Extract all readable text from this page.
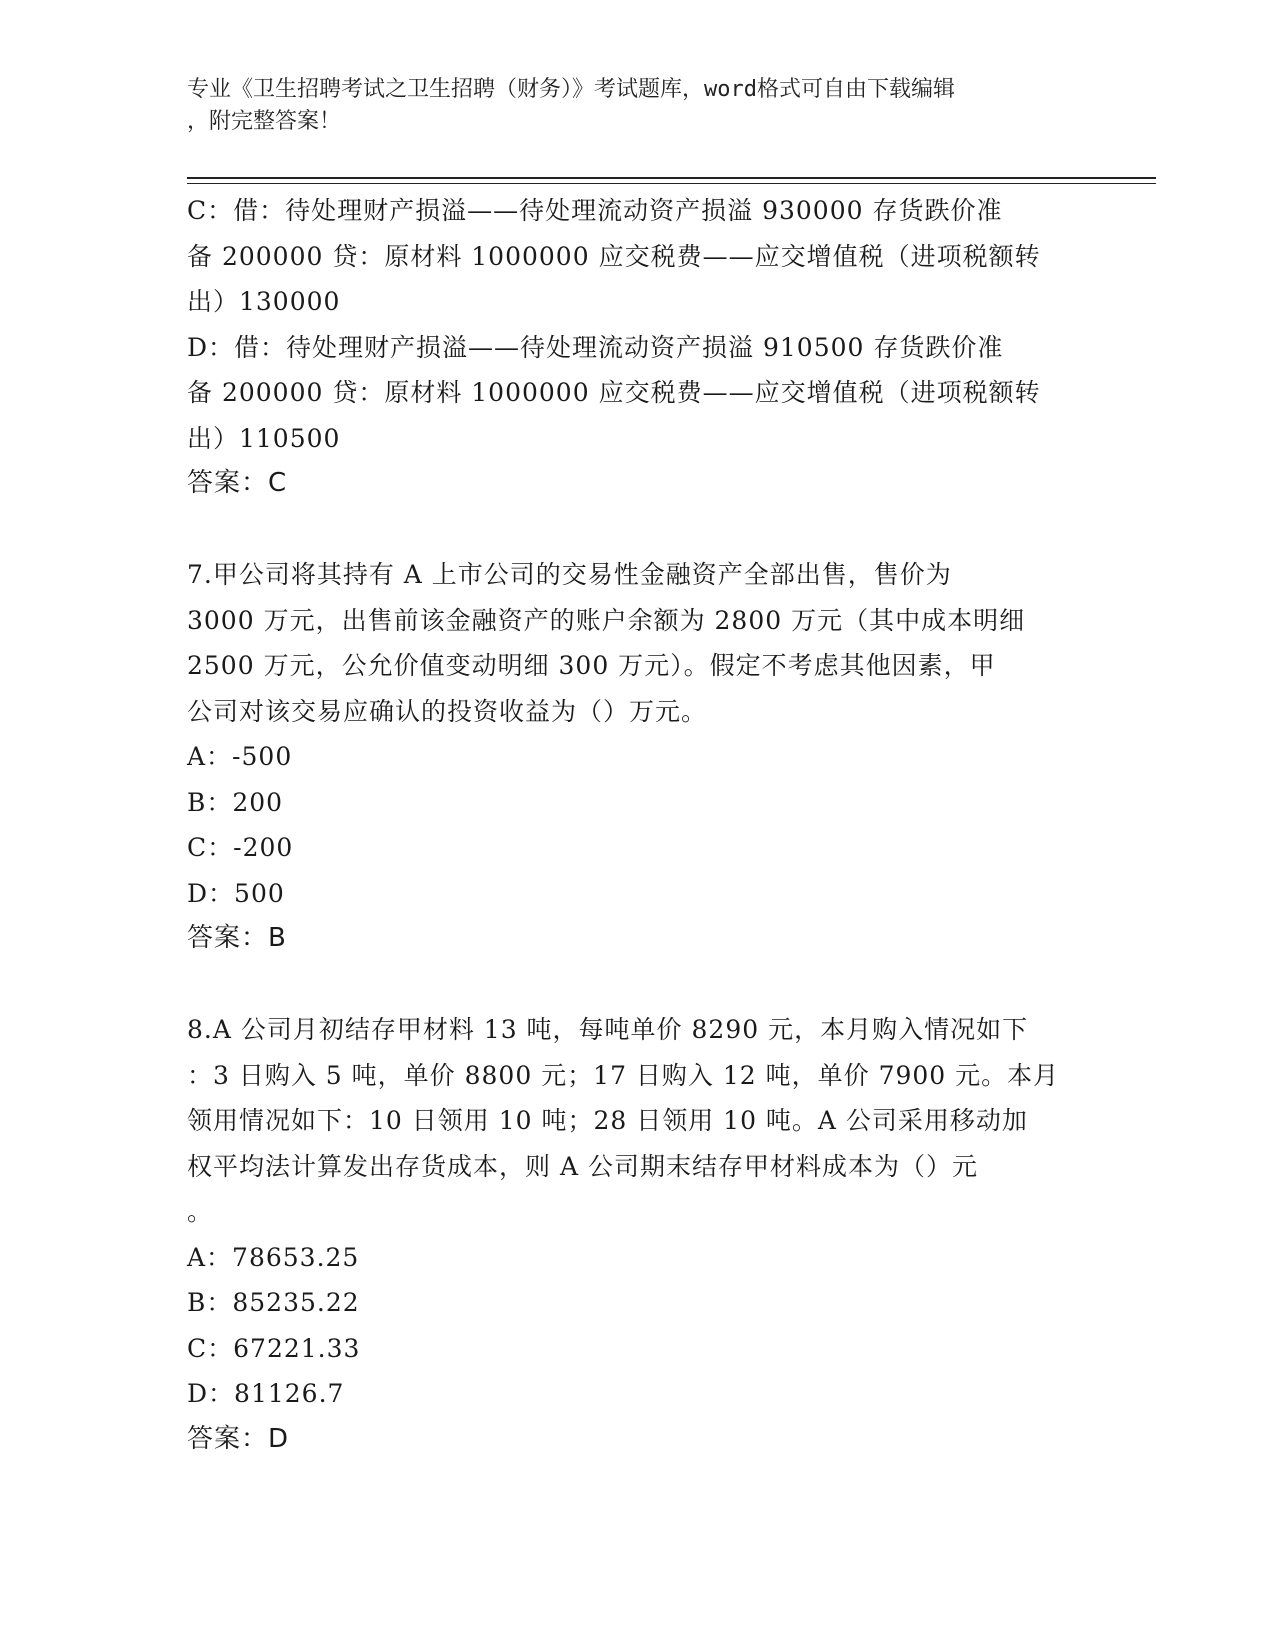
专业《卫生招聘考试之卫生招聘（财务）》考试题库，word格式可自由下载编辑
，附完整答案！
C：借：待处理财产损溢——待处理流动资产损溢 930000 存货跌价准
备 200000 贷：原材料 1000000 应交税费——应交增值税（进项税额转
出）130000
D：借：待处理财产损溢——待处理流动资产损溢 910500 存货跌价准
备 200000 贷：原材料 1000000 应交税费——应交增值税（进项税额转
出）110500
答案：C
7.甲公司将其持有 A 上市公司的交易性金融资产全部出售，售价为
3000 万元，出售前该金融资产的账户余额为 2800 万元（其中成本明细
2500 万元，公允价值变动明细 300 万元）。假定不考虑其他因素，甲
公司对该交易应确认的投资收益为（）万元。
A：-500
B：200
C：-200
D：500
答案：B
8.A 公司月初结存甲材料 13 吨，每吨单价 8290 元，本月购入情况如下
：3 日购入 5 吨，单价 8800 元；17 日购入 12 吨，单价 7900 元。本月
领用情况如下：10 日领用 10 吨；28 日领用 10 吨。A 公司采用移动加
权平均法计算发出存货成本，则 A 公司期末结存甲材料成本为（）元
。
A：78653.25
B：85235.22
C：67221.33
D：81126.7
答案：D
